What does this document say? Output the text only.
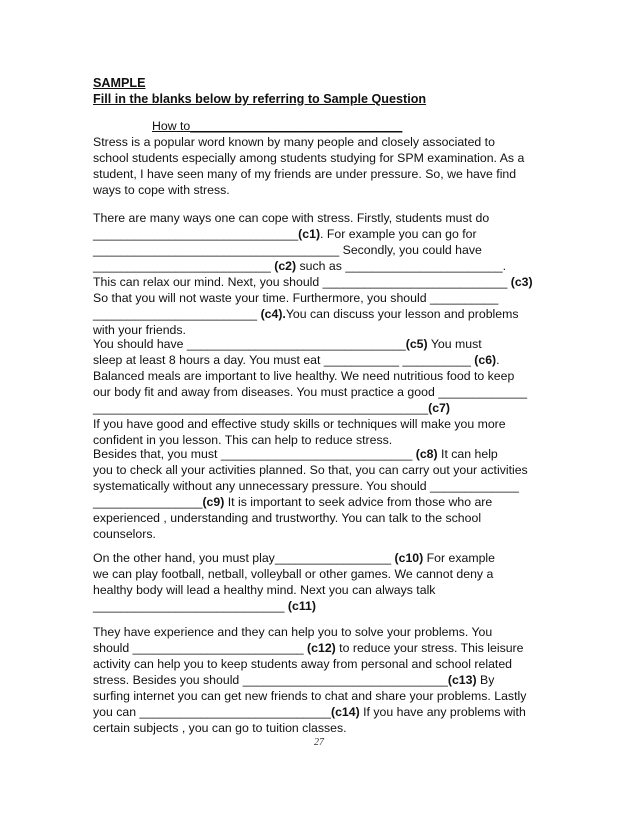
SAMPLE
Fill in the blanks below by referring to Sample Question
How to_______________________________
Stress is a popular word known by many people and closely associated to
school students especially among students studying for SPM examination. As a
student, I have seen many of my friends are under pressure. So, we have find
ways to cope with stress.
There are many ways one can cope with stress. Firstly, students must do
______________________________(c1). For example you can go for
____________________________________ Secondly, you could have
__________________________ (c2) such as _______________________.
This can relax our mind. Next, you should ___________________________ (c3)
So that you will not waste your time. Furthermore, you should __________
________________________ (c4).You can discuss your lesson and problems
with your friends.
You should have ________________________________(c5) You must
sleep at least 8 hours a day. You must eat ___________ __________ (c6).
Balanced meals are important to live healthy. We need nutritious food to keep
our body fit and away from diseases. You must practice a good _____________
_________________________________________________(c7)
If you have good and effective study skills or techniques will make you more
confident in you lesson. This can help to reduce stress.
Besides that, you must ____________________________ (c8) It can help
you to check all your activities planned. So that, you can carry out your activities
systematically without any unnecessary pressure. You should _____________
________________(c9) It is important to seek advice from those who are
experienced , understanding and trustworthy. You can talk to the school
counselors.
On the other hand, you must play_________________ (c10) For example
we can play football, netball, volleyball or other games. We cannot deny a
healthy body will lead a healthy mind. Next you can always talk
____________________________ (c11)
They have experience and they can help you to solve your problems. You
should _________________________ (c12) to reduce your stress. This leisure
activity can help you to keep students away from personal and school related
stress. Besides you should ______________________________(c13) By
surfing internet you can get new friends to chat and share your problems. Lastly
you can ____________________________(c14) If you have any problems with
certain subjects , you can go to tuition classes.
27
